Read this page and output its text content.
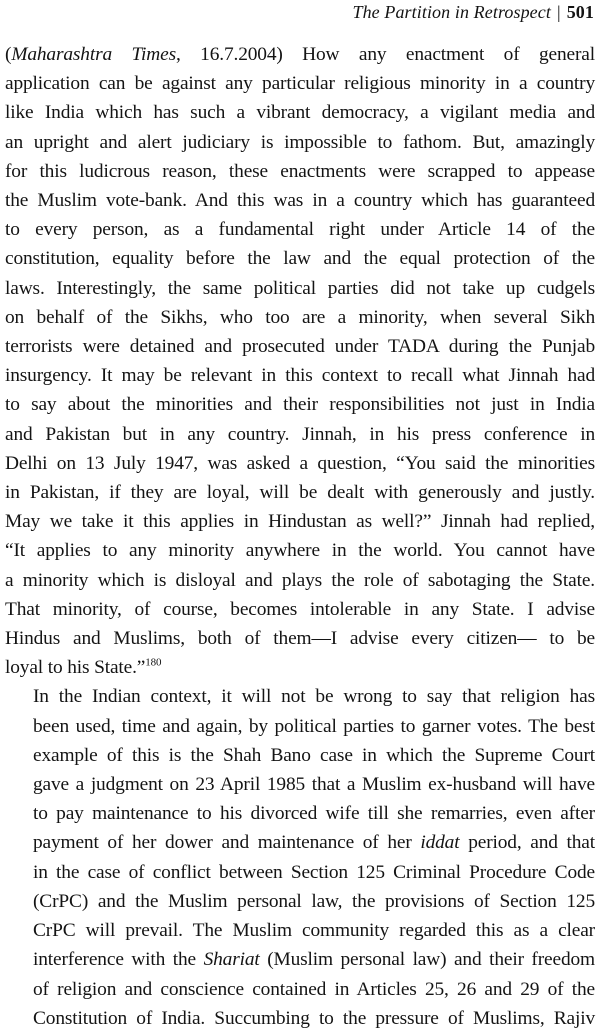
The Partition in Retrospect | 501

(Maharashtra Times, 16.7.2004) How any enactment of general
application can be against any particular religious minority in a country
like India which has such a vibrant democracy, a vigilant media and
an upright and alert judiciary is impossible to fathom. But, amazingly
for this ludicrous reason, these enactments were scrapped to appease
the Muslim vote-bank. And this was in a country which has guaranteed
to every person, as a fundamental right under Article 14 of the
constitution, equality before the law and the equal protection of the
laws. Interestingly, the same political parties did not take up cudgels
on behalf of the Sikhs, who too are a minority, when several Sikh
terrorists were detained and prosecuted under TADA during the Punjab
insurgency. It may be relevant in this context to recall what Jinnah had
to say about the minorities and their responsibilities not just in India
and Pakistan but in any country. Jinnah, in his press conference in
Delhi on 13 July 1947, was asked a question, “You said the minorities
in Pakistan, if they are loyal, will be dealt with generously and justly.
May we take it this applies in Hindustan as well?” Jinnah had replied,
“It applies to any minority anywhere in the world. You cannot have
a minority which is disloyal and plays the role of sabotaging the State.
That minority, of course, becomes intolerable in any State. I advise
Hindus and Muslims, both of them—I advise every citizen— to be
loyal to his State.”$^{180}$

In the Indian context, it will not be wrong to say that religion has
been used, time and again, by political parties to garner votes. The best
example of this is the Shah Bano case in which the Supreme Court
gave a judgment on 23 April 1985 that a Muslim ex-husband will have
to pay maintenance to his divorced wife till she remarries, even after
payment of her dower and maintenance of her iddat period, and that
in the case of conflict between Section 125 Criminal Procedure Code
(CrPC) and the Muslim personal law, the provisions of Section 125
CrPC will prevail. The Muslim community regarded this as a clear
interference with the Shariat (Muslim personal law) and their freedom
of religion and conscience contained in Articles 25, 26 and 29 of the
Constitution of India. Succumbing to the pressure of Muslims, Rajiv
